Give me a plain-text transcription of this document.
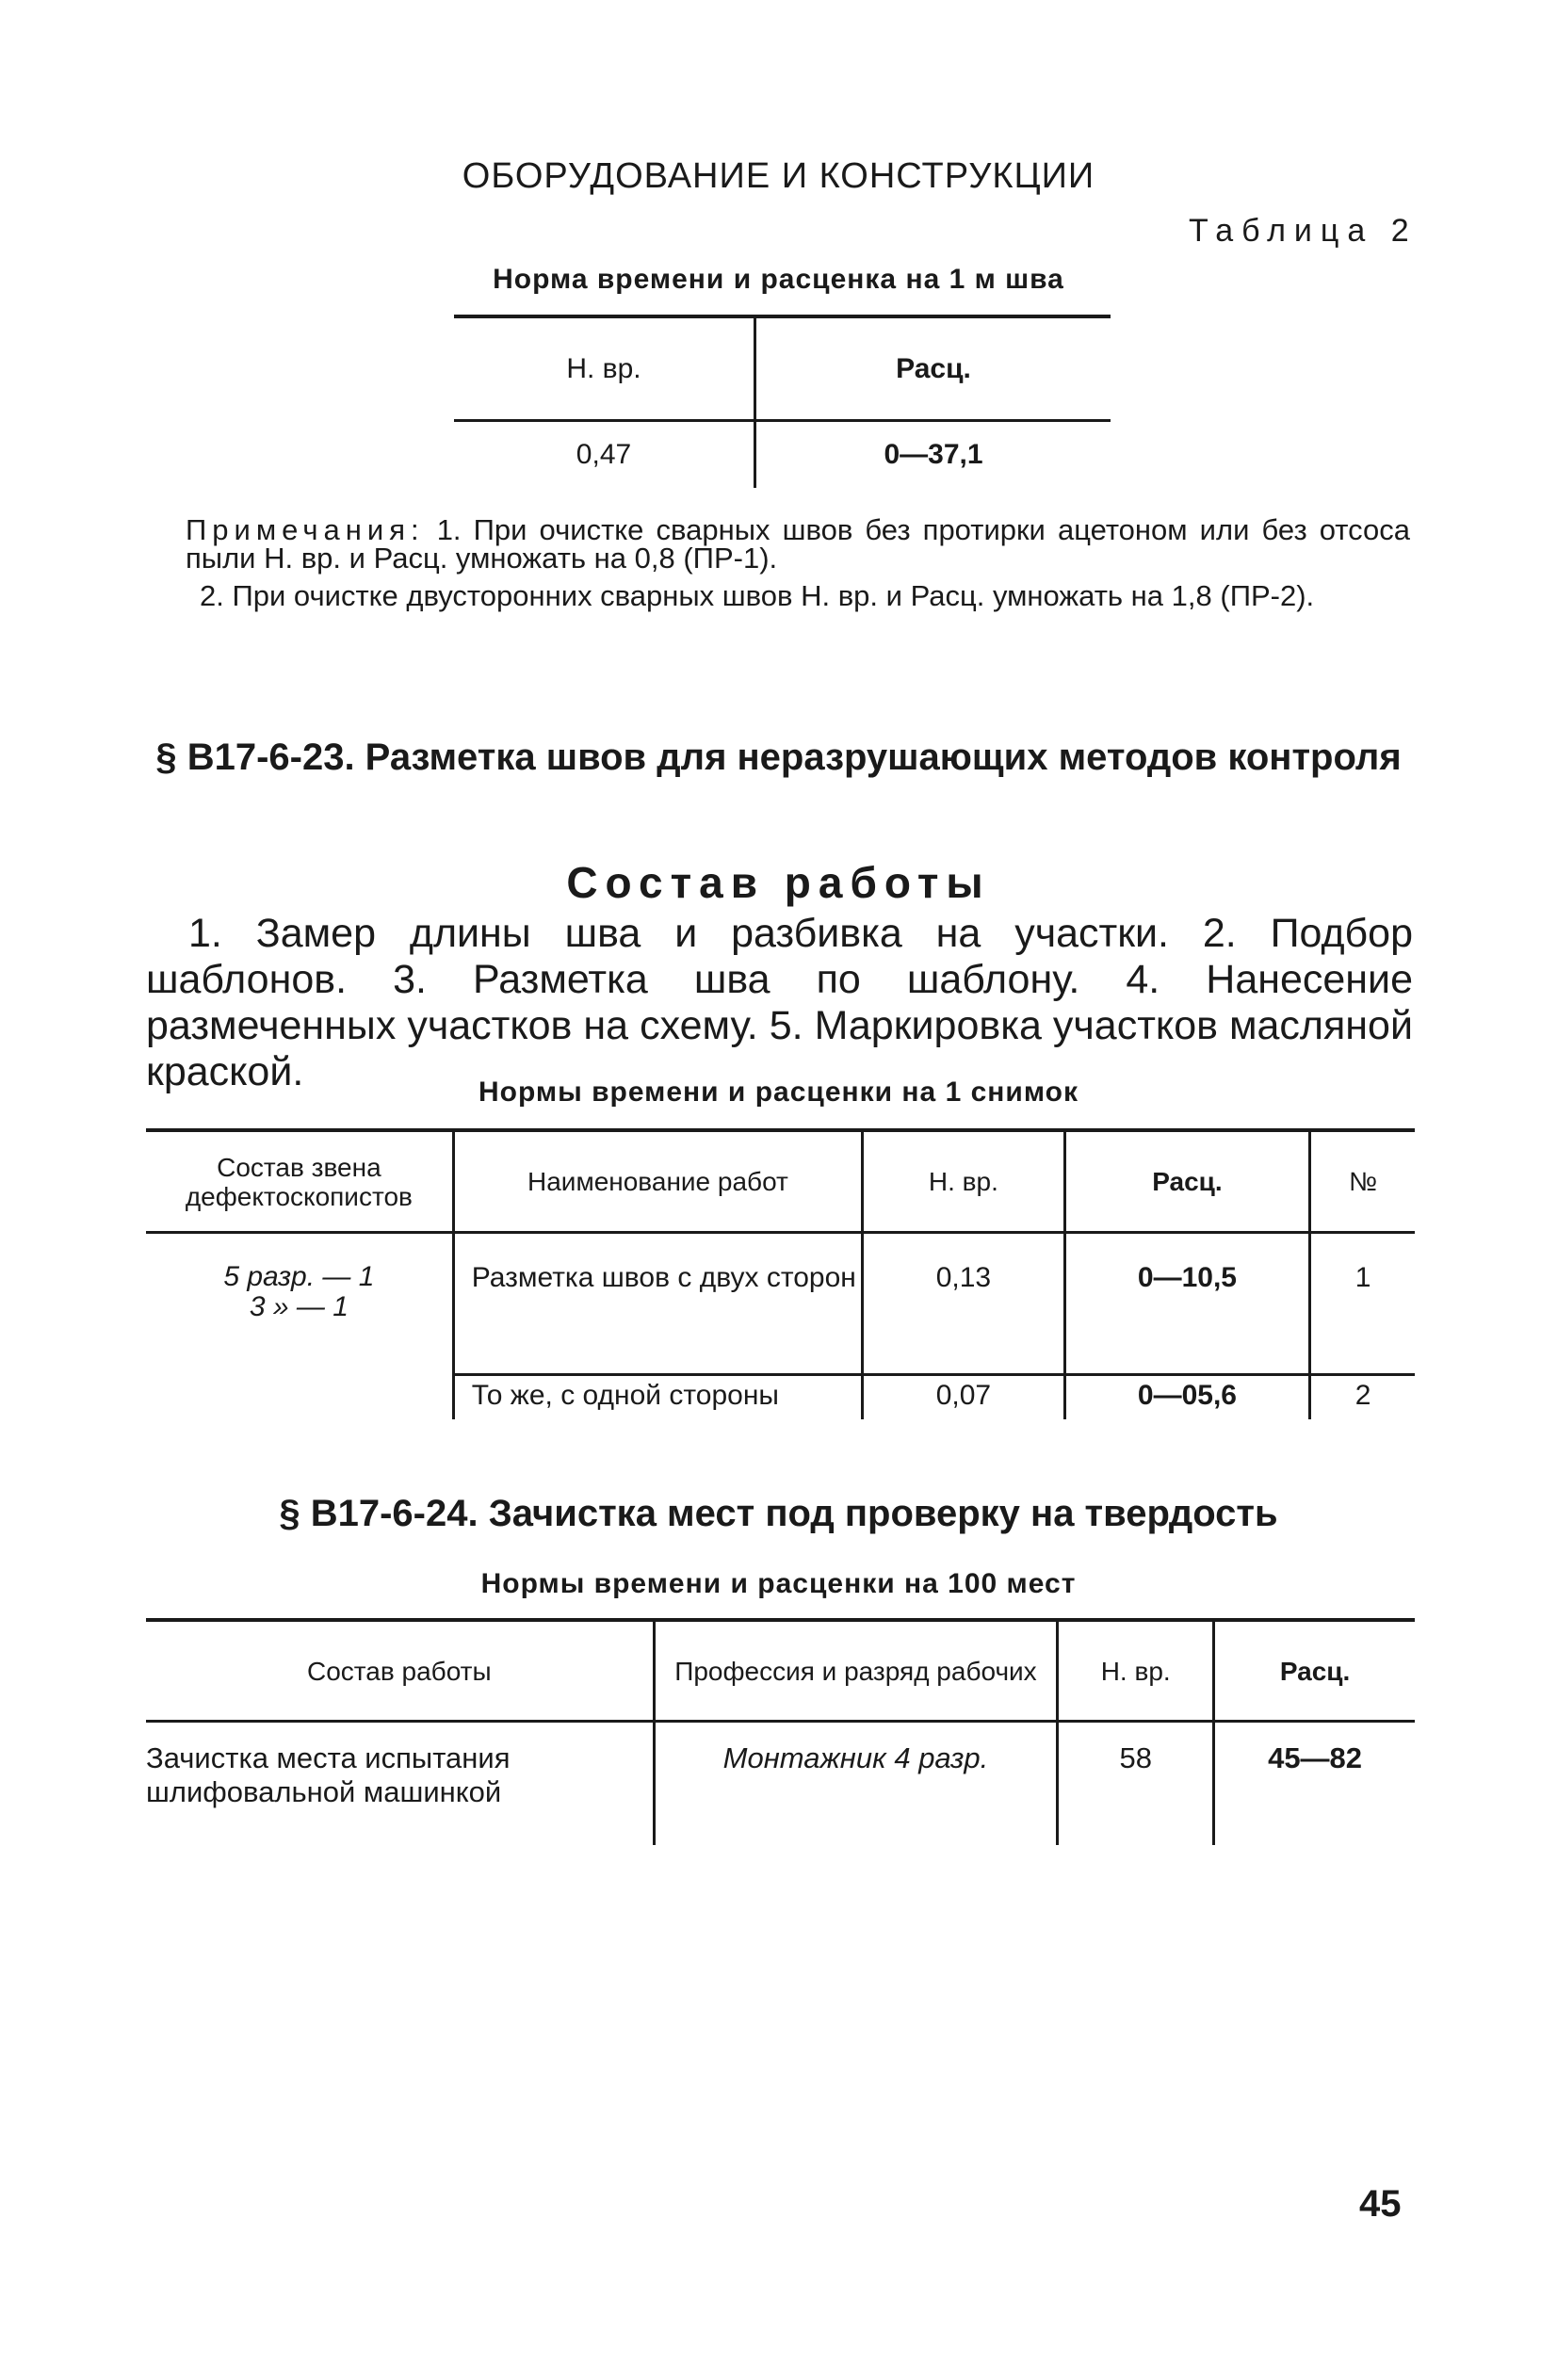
ОБОРУДОВАНИЕ И КОНСТРУКЦИИ
Таблица 2
Норма времени и расценка на 1 м шва
Н. вр.	Расц.
0,47	0—37,1
Примечания: 1. При очистке сварных швов без протирки ацетоном или без отсоса пыли Н. вр. и Расц. умножать на 0,8 (ПР-1).
2. При очистке двусторонних сварных швов Н. вр. и Расц. умножать на 1,8 (ПР-2).
§ В17-6-23. Разметка швов для неразрушающих методов контроля
Состав работы
1. Замер длины шва и разбивка на участки. 2. Подбор шаблонов. 3. Разметка шва по шаблону. 4. Нанесение размеченных участков на схему. 5. Маркировка участков масляной краской.	Нормы времени и расценки на 1 снимок
Состав звена дефектоскопистов	Наименование работ	Н. вр.	Расц.	№

5 разр. — 1
3 » — 1	Разметка швов с двух сторон	0,13	0—10,5	1
	То же, с одной стороны	0,07	0—05,6	2
§ В17-6-24. Зачистка мест под проверку на твердость
Нормы времени и расценки на 100 мест
Состав работы	Профессия и разряд рабочих	Н. вр.	Расц.
Зачистка места испытания шлифовальной машинкой	Монтажник 4 разр.	58	45—82
45
